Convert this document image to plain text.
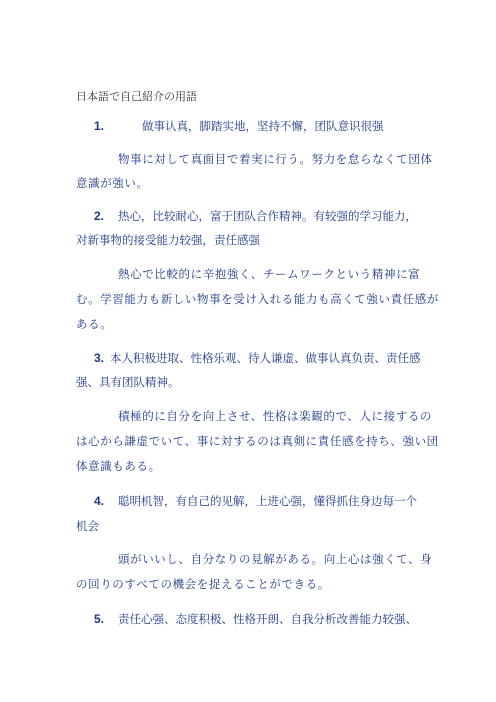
日本語で自己紹介の用語
1.	做事认真，脚踏实地，坚持不懈，团队意识很强
物事に対して真面目で着実に行う。努力を怠らなくて団体
意識が強い。
2. 热心，比较耐心，富于团队合作精神。有较强的学习能力，
对新事物的接受能力较强，责任感强
熱心で比較的に辛抱強く、チームワークという精神に富
む。学習能力も新しい物事を受け入れる能力も高くて強い責任感が
ある。
3. 本人积极进取、性格乐观、待人谦虚、做事认真负责、责任感
强、具有团队精神。
積極的に自分を向上させ、性格は楽観的で、人に接するの
は心から謙虚でいて、事に対するのは真剣に責任感を持ち、強い団
体意識もある。
4. 聪明机智，有自己的见解，上进心强，懂得抓住身边每一个
机会
頭がいいし、自分なりの見解がある。向上心は強くて、身
の回りのすべての機会を捉えることができる。
5. 责任心强、态度积极、性格开朗、自我分析改善能力较强、
